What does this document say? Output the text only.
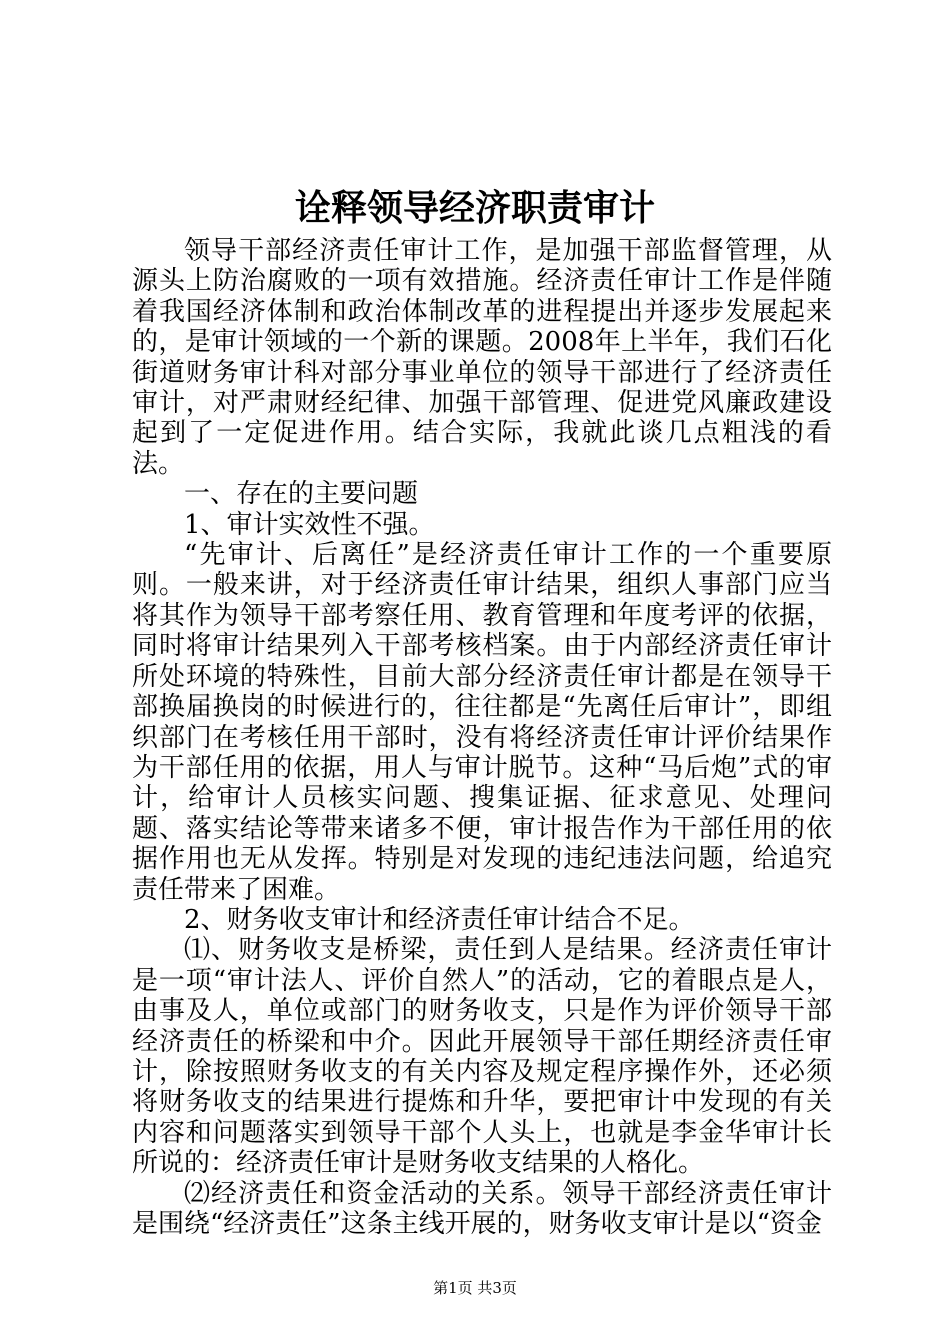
诠释领导经济职责审计

领导干部经济责任审计工作，是加强干部监督管理，从源头上防治腐败的一项有效措施。经济责任审计工作是伴随着我国经济体制和政治体制改革的进程提出并逐步发展起来的，是审计领域的一个新的课题。2008年上半年，我们石化街道财务审计科对部分事业单位的领导干部进行了经济责任审计，对严肃财经纪律、加强干部管理、促进党风廉政建设起到了一定促进作用。结合实际，我就此谈几点粗浅的看法。

一、存在的主要问题

1、审计实效性不强。

“先审计、后离任”是经济责任审计工作的一个重要原则。一般来讲，对于经济责任审计结果，组织人事部门应当将其作为领导干部考察任用、教育管理和年度考评的依据，同时将审计结果列入干部考核档案。由于内部经济责任审计所处环境的特殊性，目前大部分经济责任审计都是在领导干部换届换岗的时候进行的，往往都是“先离任后审计”，即组织部门在考核任用干部时，没有将经济责任审计评价结果作为干部任用的依据，用人与审计脱节。这种“马后炮”式的审计，给审计人员核实问题、搜集证据、征求意见、处理问题、落实结论等带来诸多不便，审计报告作为干部任用的依据作用也无从发挥。特别是对发现的违纪违法问题，给追究责任带来了困难。

2、财务收支审计和经济责任审计结合不足。

⑴、财务收支是桥梁，责任到人是结果。经济责任审计是一项“审计法人、评价自然人”的活动，它的着眼点是人，由事及人，单位或部门的财务收支，只是作为评价领导干部经济责任的桥梁和中介。因此开展领导干部任期经济责任审计，除按照财务收支的有关内容及规定程序操作外，还必须将财务收支的结果进行提炼和升华，要把审计中发现的有关内容和问题落实到领导干部个人头上，也就是李金华审计长所说的：经济责任审计是财务收支结果的人格化。

⑵经济责任和资金活动的关系。领导干部经济责任审计是围绕“经济责任”这条主线开展的，财务收支审计是以“资金

第1页 共3页
